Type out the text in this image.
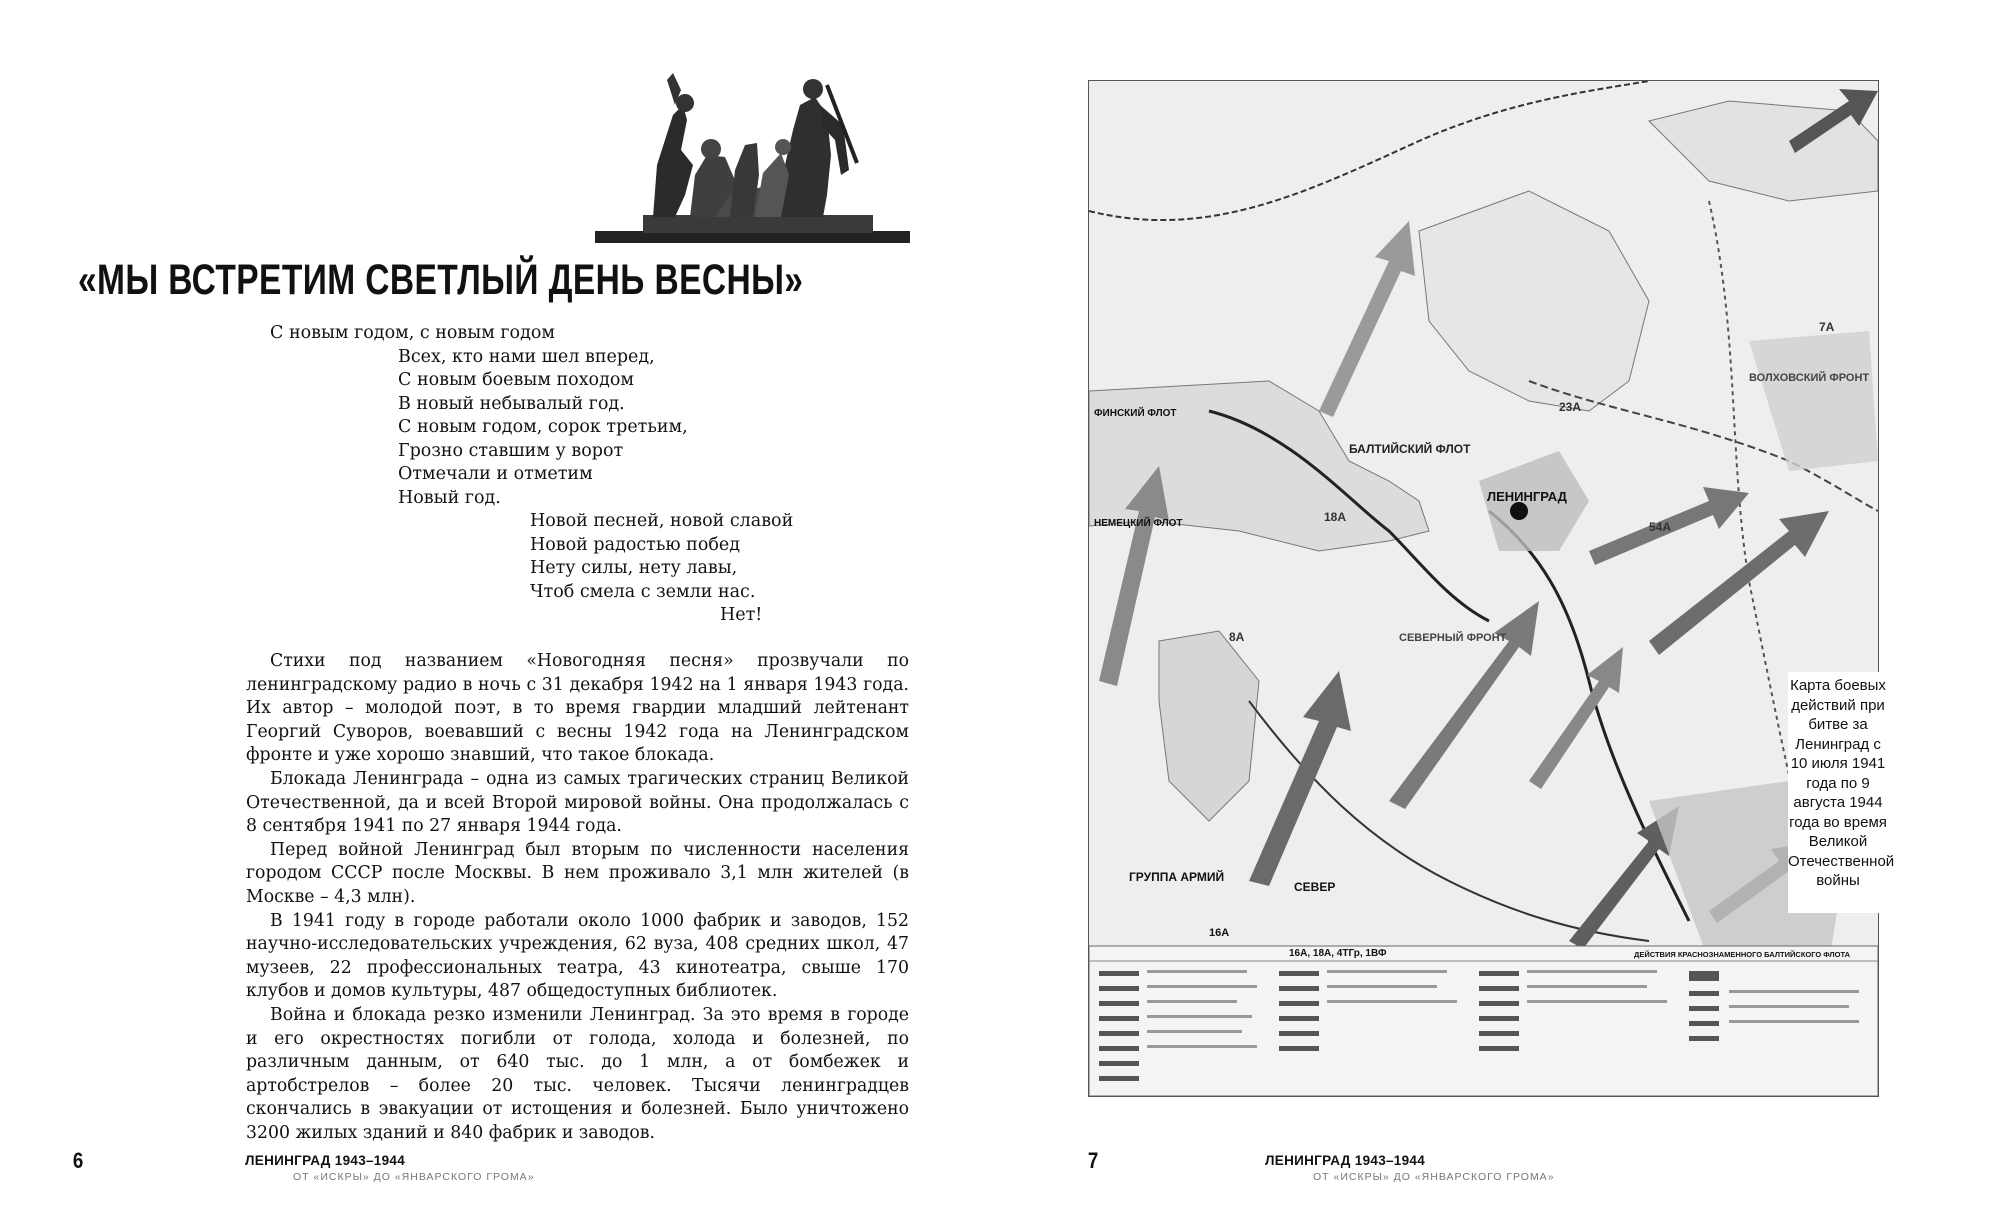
«МЫ ВСТРЕТИМ СВЕТЛЫЙ ДЕНЬ ВЕСНЫ»
С новым годом, с новым годом
Всех, кто нами шел вперед,
С новым боевым походом
В новый небывалый год.
С новым годом, сорок третьим,
Грозно ставшим у ворот
Отмечали и отметим
Новый год.
Новой песней, новой славой
Новой радостью побед
Нету силы, нету лавы,
Чтоб смела с земли нас.
Нет!

Стихи под названием «Новогодняя песня» прозвучали по ленинградскому радио в ночь с 31 декабря 1942 на 1 января 1943 года. Их автор – молодой поэт, в то время гвардии младший лейтенант Георгий Суворов, воевавший с весны 1942 года на Ленинградском фронте и уже хорошо знавший, что такое блокада.

Блокада Ленинграда – одна из самых трагических страниц Великой Отечественной, да и всей Второй мировой войны. Она продолжалась с 8 сентября 1941 по 27 января 1944 года.

Перед войной Ленинград был вторым по численности населения городом СССР после Москвы. В нем проживало 3,1 млн жителей (в Москве – 4,3 млн).

В 1941 году в городе работали около 1000 фабрик и заводов, 152 научно-исследовательских учреждения, 62 вуза, 408 средних школ, 47 музеев, 22 профессиональных театра, 43 кинотеатра, свыше 170 клубов и домов культуры, 487 общедоступных библиотек.

Война и блокада резко изменили Ленинград. За это время в городе и его окрестностях погибли от голода, холода и болезней, по различным данным, от 640 тыс. до 1 млн, а от бомбежек и артобстрелов – более 20 тыс. человек. Тысячи ленинградцев скончались в эвакуации от истощения и болезней. Было уничтожено 3200 жилых зданий и 840 фабрик и заводов.

6	ЛЕНИНГРАД 1943–1944
ОТ «ИСКРЫ» ДО «ЯНВАРСКОГО ГРОМА»
ЛЕНИНГРАД
ФИНСКИЙ ФЛОТ
НЕМЕЦКИЙ ФЛОТ
БАЛТИЙСКИЙ ФЛОТ
ГРУППА АРМИЙ
СЕВЕР
СЕВЕРНЫЙ ФРОНТ
ВОЛХОВСКИЙ ФРОНТ
18А
16А
54А
8А
7А
23А
16А, 18А, 4ТГр, 1ВФ	ДЕЙСТВИЯ КРАСНОЗНАМЕННОГО БАЛТИЙСКОГО ФЛОТА
Карта боевых действий при битве за Ленинград с 10 июля 1941 года по 9 августа 1944 года во время Великой Отечественной войны
7	ЛЕНИНГРАД 1943–1944
ОТ «ИСКРЫ» ДО «ЯНВАРСКОГО ГРОМА»
